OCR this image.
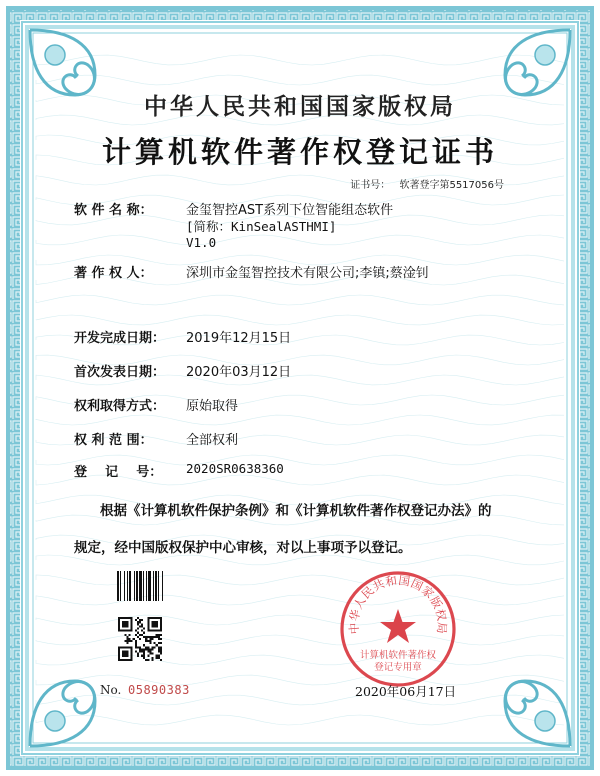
中华人民共和国国家版权局
计算机软件著作权登记证书
证书号： 软著登字第5517056号
软 件 名 称：	金玺智控AST系列下位智能组态软件
[简称：KinSealASTHMI]
V1.0
著 作 权 人：	深圳市金玺智控技术有限公司;李镇;蔡淦钊
开发完成日期： 2019年12月15日
首次发表日期： 2020年03月12日
权利取得方式： 原始取得
权 利 范 围：	全部权利
登    记    号： 2020SR0638360
根据《计算机软件保护条例》和《计算机软件著作权登记办法》的
规定，经中国版权保护中心审核，对以上事项予以登记。
中华人民共和国国家版权局
计算机软件著作权
登记专用章
No. 05890383	2020年06月17日
